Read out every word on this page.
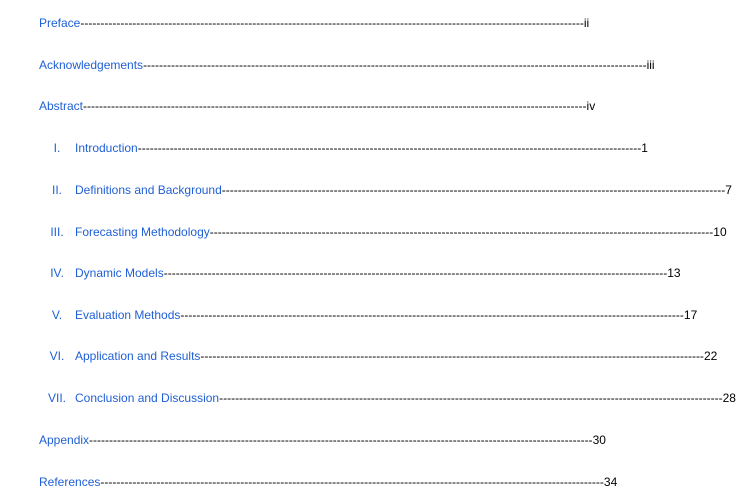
Preface ------------------------------------------------------------------------------------------------------------------------------ ii
Acknowledgements ------------------------------------------------------------------------------------------------------------------------------ iii
Abstract ------------------------------------------------------------------------------------------------------------------------------ iv
I.	Introduction ------------------------------------------------------------------------------------------------------------------------------ 1
II.	Definitions and Background ------------------------------------------------------------------------------------------------------------------------------ 7
III. Forecasting Methodology ------------------------------------------------------------------------------------------------------------------------------ 10
IV. Dynamic Models ------------------------------------------------------------------------------------------------------------------------------ 13
V.	Evaluation Methods ------------------------------------------------------------------------------------------------------------------------------ 17
VI. Application and Results ------------------------------------------------------------------------------------------------------------------------------ 22
VII. Conclusion and Discussion ------------------------------------------------------------------------------------------------------------------------------ 28
Appendix ------------------------------------------------------------------------------------------------------------------------------ 30
References ------------------------------------------------------------------------------------------------------------------------------ 34
